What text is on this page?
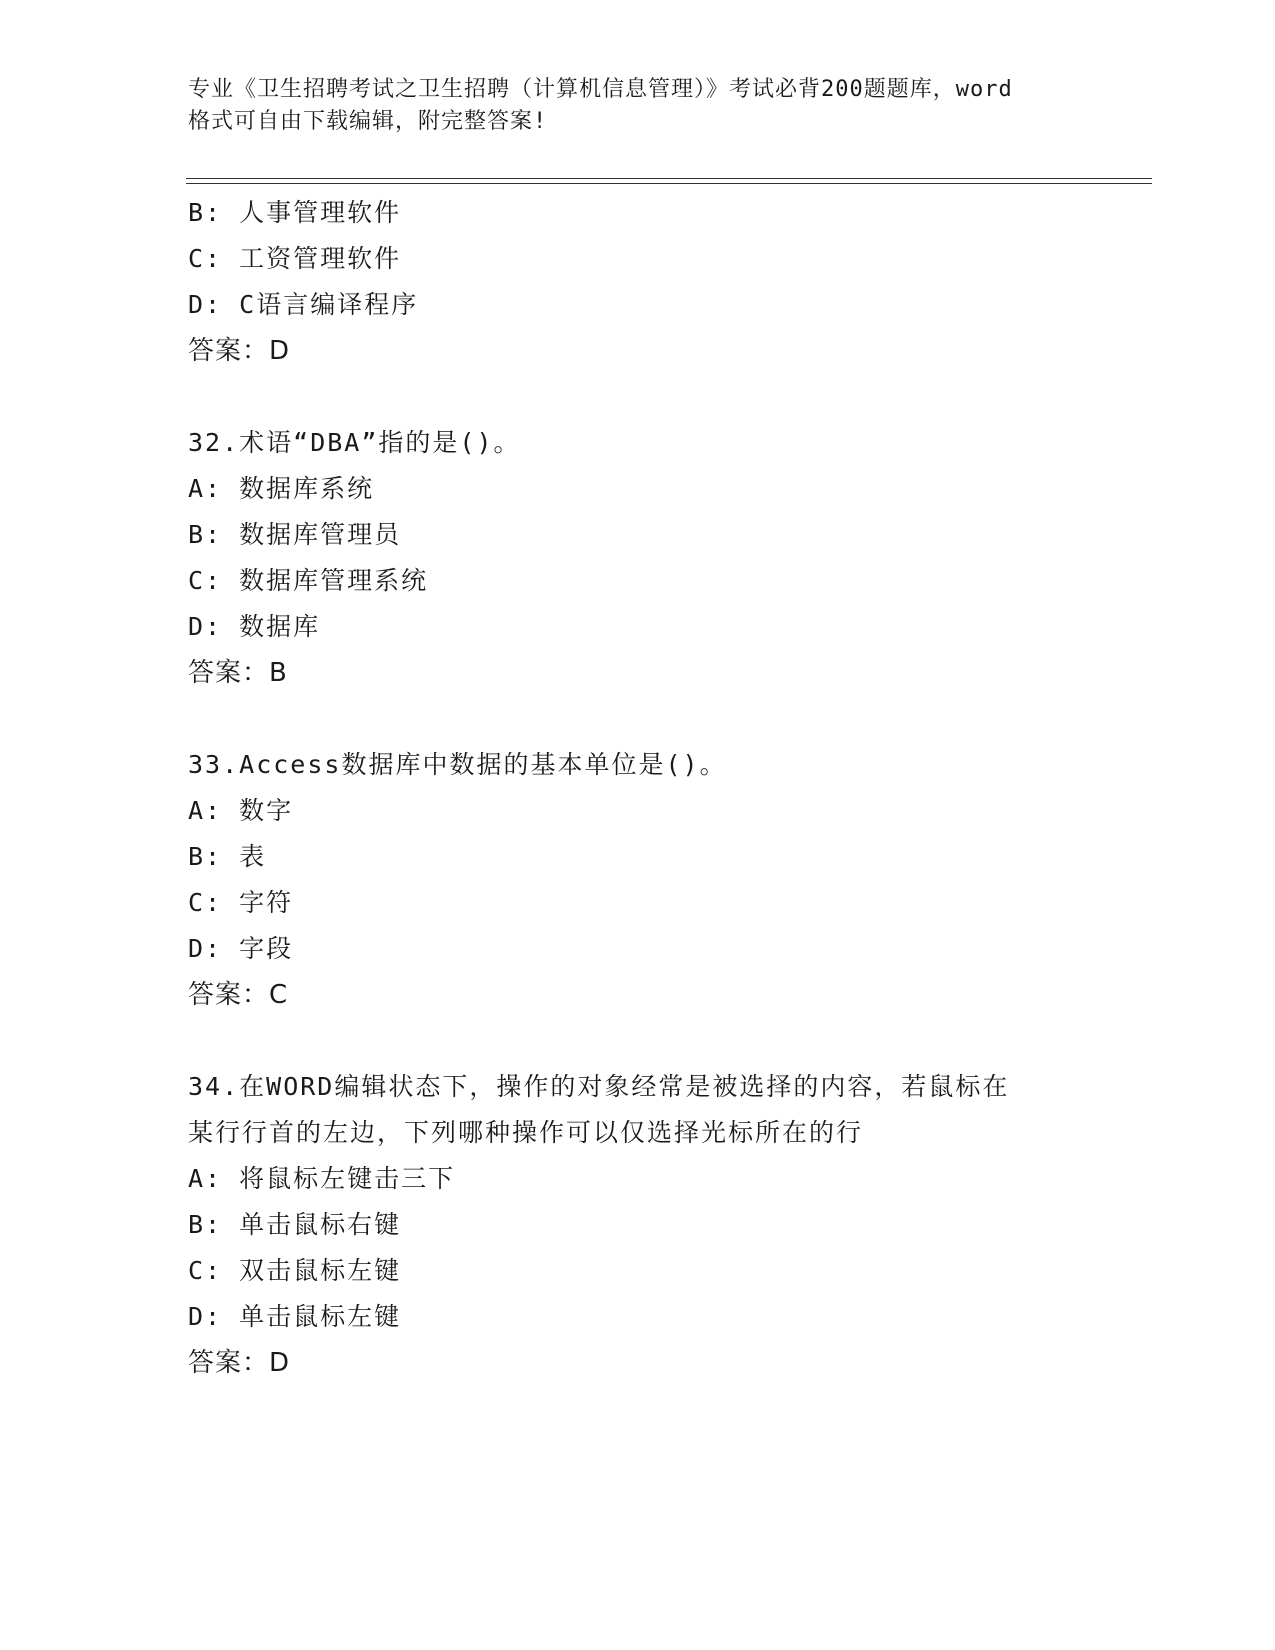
专业《卫生招聘考试之卫生招聘（计算机信息管理）》考试必背200题题库，word
格式可自由下载编辑，附完整答案!
B: 人事管理软件
C: 工资管理软件
D: C语言编译程序
答案：D
32.术语“DBA”指的是()。
A: 数据库系统
B: 数据库管理员
C: 数据库管理系统
D: 数据库
答案：B
33.Access数据库中数据的基本单位是()。
A: 数字
B: 表
C: 字符
D: 字段
答案：C
34.在WORD编辑状态下，操作的对象经常是被选择的内容，若鼠标在
某行行首的左边，下列哪种操作可以仅选择光标所在的行
A: 将鼠标左键击三下
B: 单击鼠标右键
C: 双击鼠标左键
D: 单击鼠标左键
答案：D
